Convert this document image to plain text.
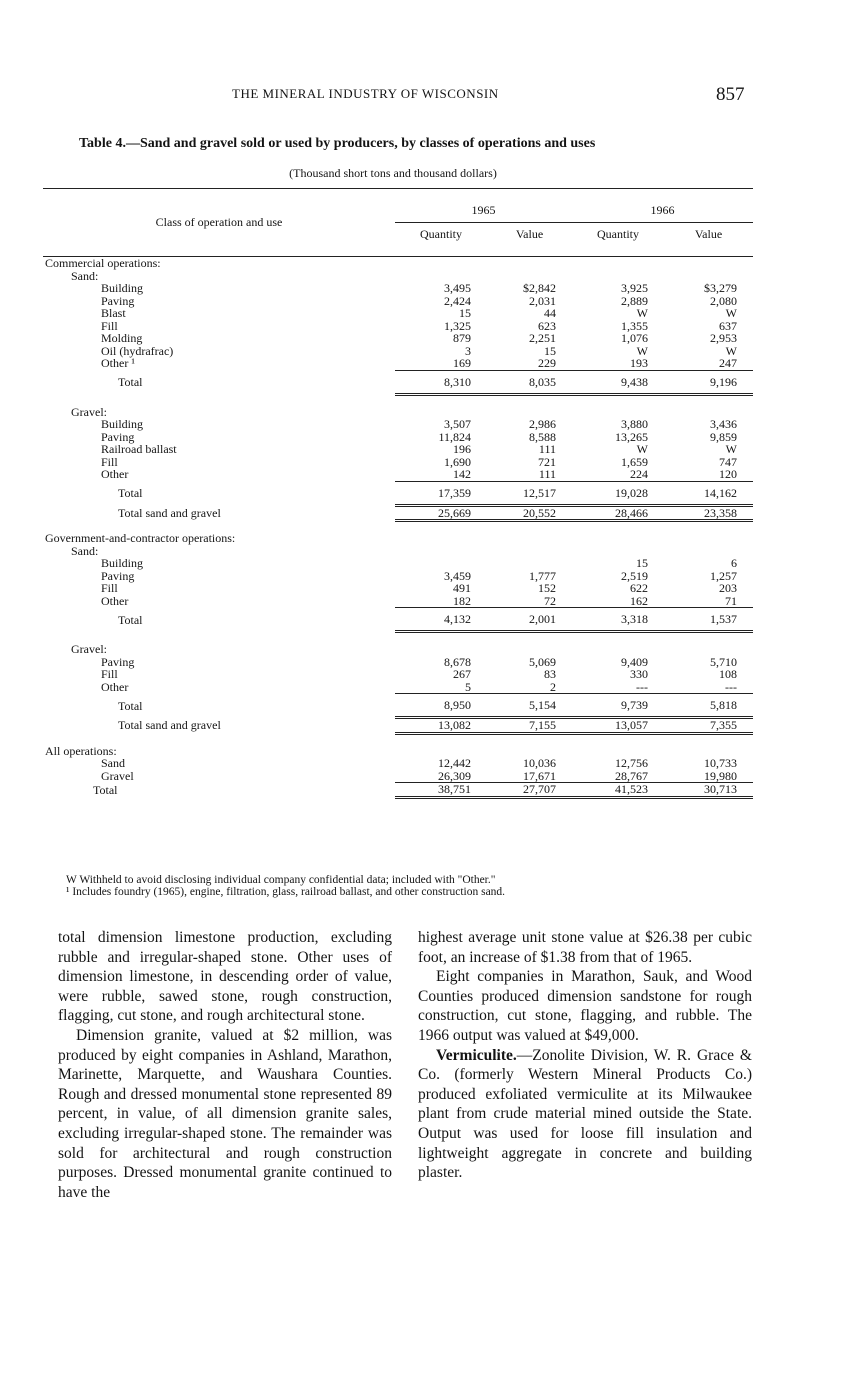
THE MINERAL INDUSTRY OF WISCONSIN	857
Table 4.—Sand and gravel sold or used by producers, by classes of operations and uses
(Thousand short tons and thousand dollars)
Class of operation and use	1965		1966	
	Quantity	Value	Quantity	Value
Commercial operations:				
Sand:				
Building	3,495	$2,842	3,925	$3,279
Paving	2,424	2,031	2,889	2,080
Blast	15	44	W	W
Fill	1,325	623	1,355	637
Molding	879	2,251	1,076	2,953
Oil (hydrafrac)	3	15	W	W
Other ¹	169	229	193	247
Total	8,310	8,035	9,438	9,196

Gravel:				
Building	3,507	2,986	3,880	3,436
Paving	11,824	8,588	13,265	9,859
Railroad ballast	196	111	W	W
Fill	1,690	721	1,659	747
Other	142	111	224	120
Total	17,359	12,517	19,028	14,162
Total sand and gravel	25,669	20,552	28,466	23,358

Government-and-contractor operations:				
Sand:				
Building			15	6
Paving	3,459	1,777	2,519	1,257
Fill	491	152	622	203
Other	182	72	162	71
Total	4,132	2,001	3,318	1,537

Gravel:				
Paving	8,678	5,069	9,409	5,710
Fill	267	83	330	108
Other	5	2	---	---
Total	8,950	5,154	9,739	5,818
Total sand and gravel	13,082	7,155	13,057	7,355

All operations:				
Sand	12,442	10,036	12,756	10,733
Gravel	26,309	17,671	28,767	19,980
Total	38,751	27,707	41,523	30,713
W Withheld to avoid disclosing individual company confidential data; included with "Other."
¹ Includes foundry (1965), engine, filtration, glass, railroad ballast, and other construction sand.

total dimension limestone production, excluding rubble and irregular-shaped stone. Other uses of dimension limestone, in descending order of value, were rubble, sawed stone, rough construction, flagging, cut stone, and rough architectural stone.

Dimension granite, valued at $2 million, was produced by eight companies in Ashland, Marathon, Marinette, Marquette, and Waushara Counties. Rough and dressed monumental stone represented 89 percent, in value, of all dimension granite sales, excluding irregular-shaped stone. The remainder was sold for architectural and rough construction purposes. Dressed monumental granite continued to have the

highest average unit stone value at $26.38 per cubic foot, an increase of $1.38 from that of 1965.

Eight companies in Marathon, Sauk, and Wood Counties produced dimension sandstone for rough construction, cut stone, flagging, and rubble. The 1966 output was valued at $49,000.

Vermiculite.—Zonolite Division, W. R. Grace & Co. (formerly Western Mineral Products Co.) produced exfoliated vermiculite at its Milwaukee plant from crude material mined outside the State. Output was used for loose fill insulation and lightweight aggregate in concrete and building plaster.
